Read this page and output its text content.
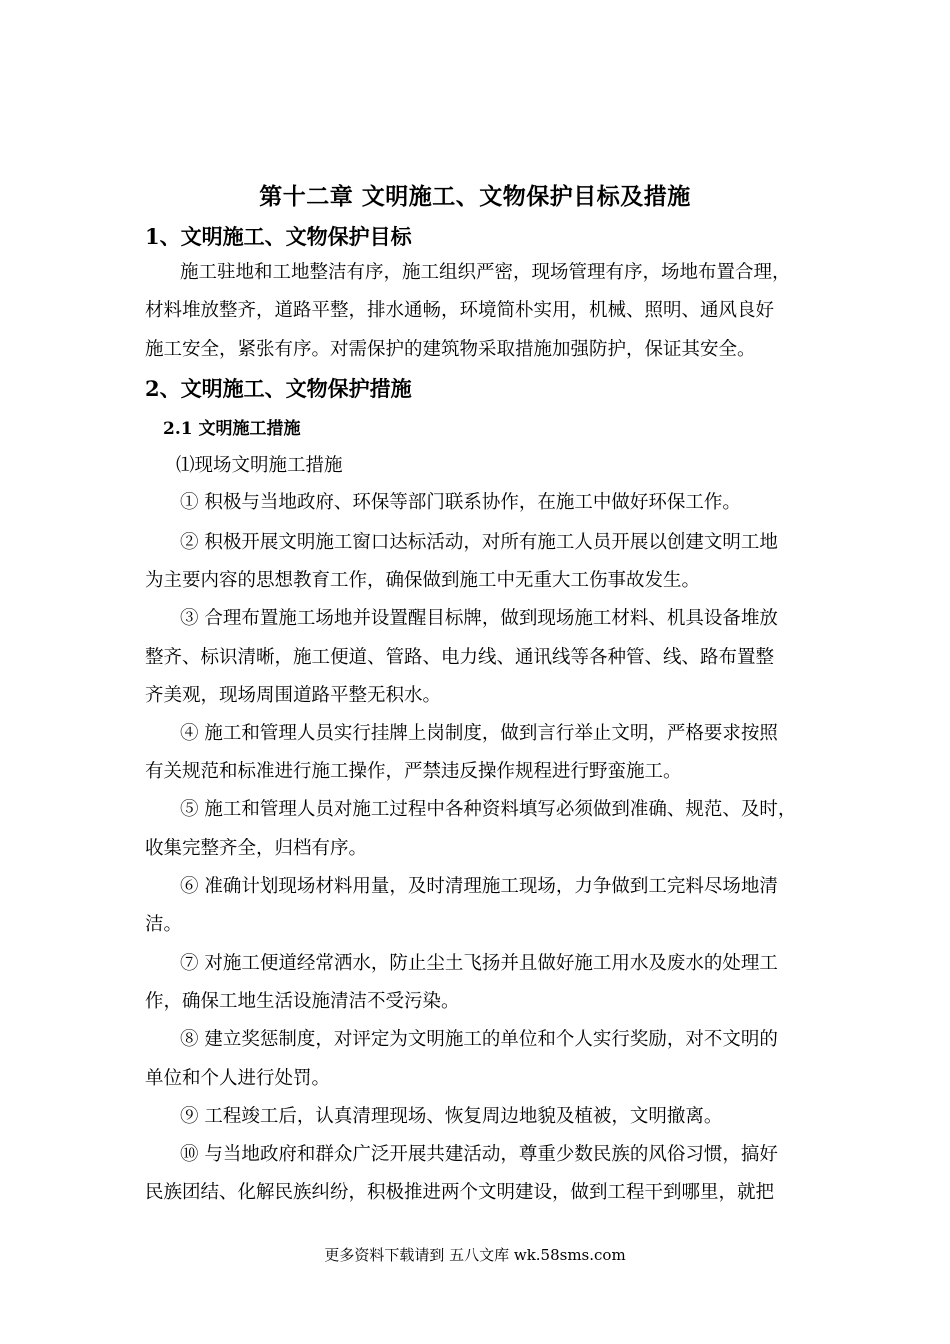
第十二章 文明施工、文物保护目标及措施
1、文明施工、文物保护目标
施工驻地和工地整洁有序，施工组织严密，现场管理有序，场地布置合理，
材料堆放整齐，道路平整，排水通畅，环境简朴实用，机械、照明、通风良好
施工安全，紧张有序。对需保护的建筑物采取措施加强防护，保证其安全。
2、文明施工、文物保护措施
2.1 文明施工措施
⑴现场文明施工措施
① 积极与当地政府、环保等部门联系协作，在施工中做好环保工作。
② 积极开展文明施工窗口达标活动，对所有施工人员开展以创建文明工地
为主要内容的思想教育工作，确保做到施工中无重大工伤事故发生。
③ 合理布置施工场地并设置醒目标牌，做到现场施工材料、机具设备堆放
整齐、标识清晰，施工便道、管路、电力线、通讯线等各种管、线、路布置整
齐美观，现场周围道路平整无积水。
④ 施工和管理人员实行挂牌上岗制度，做到言行举止文明，严格要求按照
有关规范和标准进行施工操作，严禁违反操作规程进行野蛮施工。
⑤ 施工和管理人员对施工过程中各种资料填写必须做到准确、规范、及时，
收集完整齐全，归档有序。
⑥ 准确计划现场材料用量，及时清理施工现场，力争做到工完料尽场地清
洁。
⑦ 对施工便道经常洒水，防止尘土飞扬并且做好施工用水及废水的处理工
作，确保工地生活设施清洁不受污染。
⑧ 建立奖惩制度，对评定为文明施工的单位和个人实行奖励，对不文明的
单位和个人进行处罚。
⑨ 工程竣工后，认真清理现场、恢复周边地貌及植被，文明撤离。
⑩ 与当地政府和群众广泛开展共建活动，尊重少数民族的风俗习惯，搞好
民族团结、化解民族纠纷，积极推进两个文明建设，做到工程干到哪里，就把
更多资料下载请到 五八文库 wk.58sms.com
